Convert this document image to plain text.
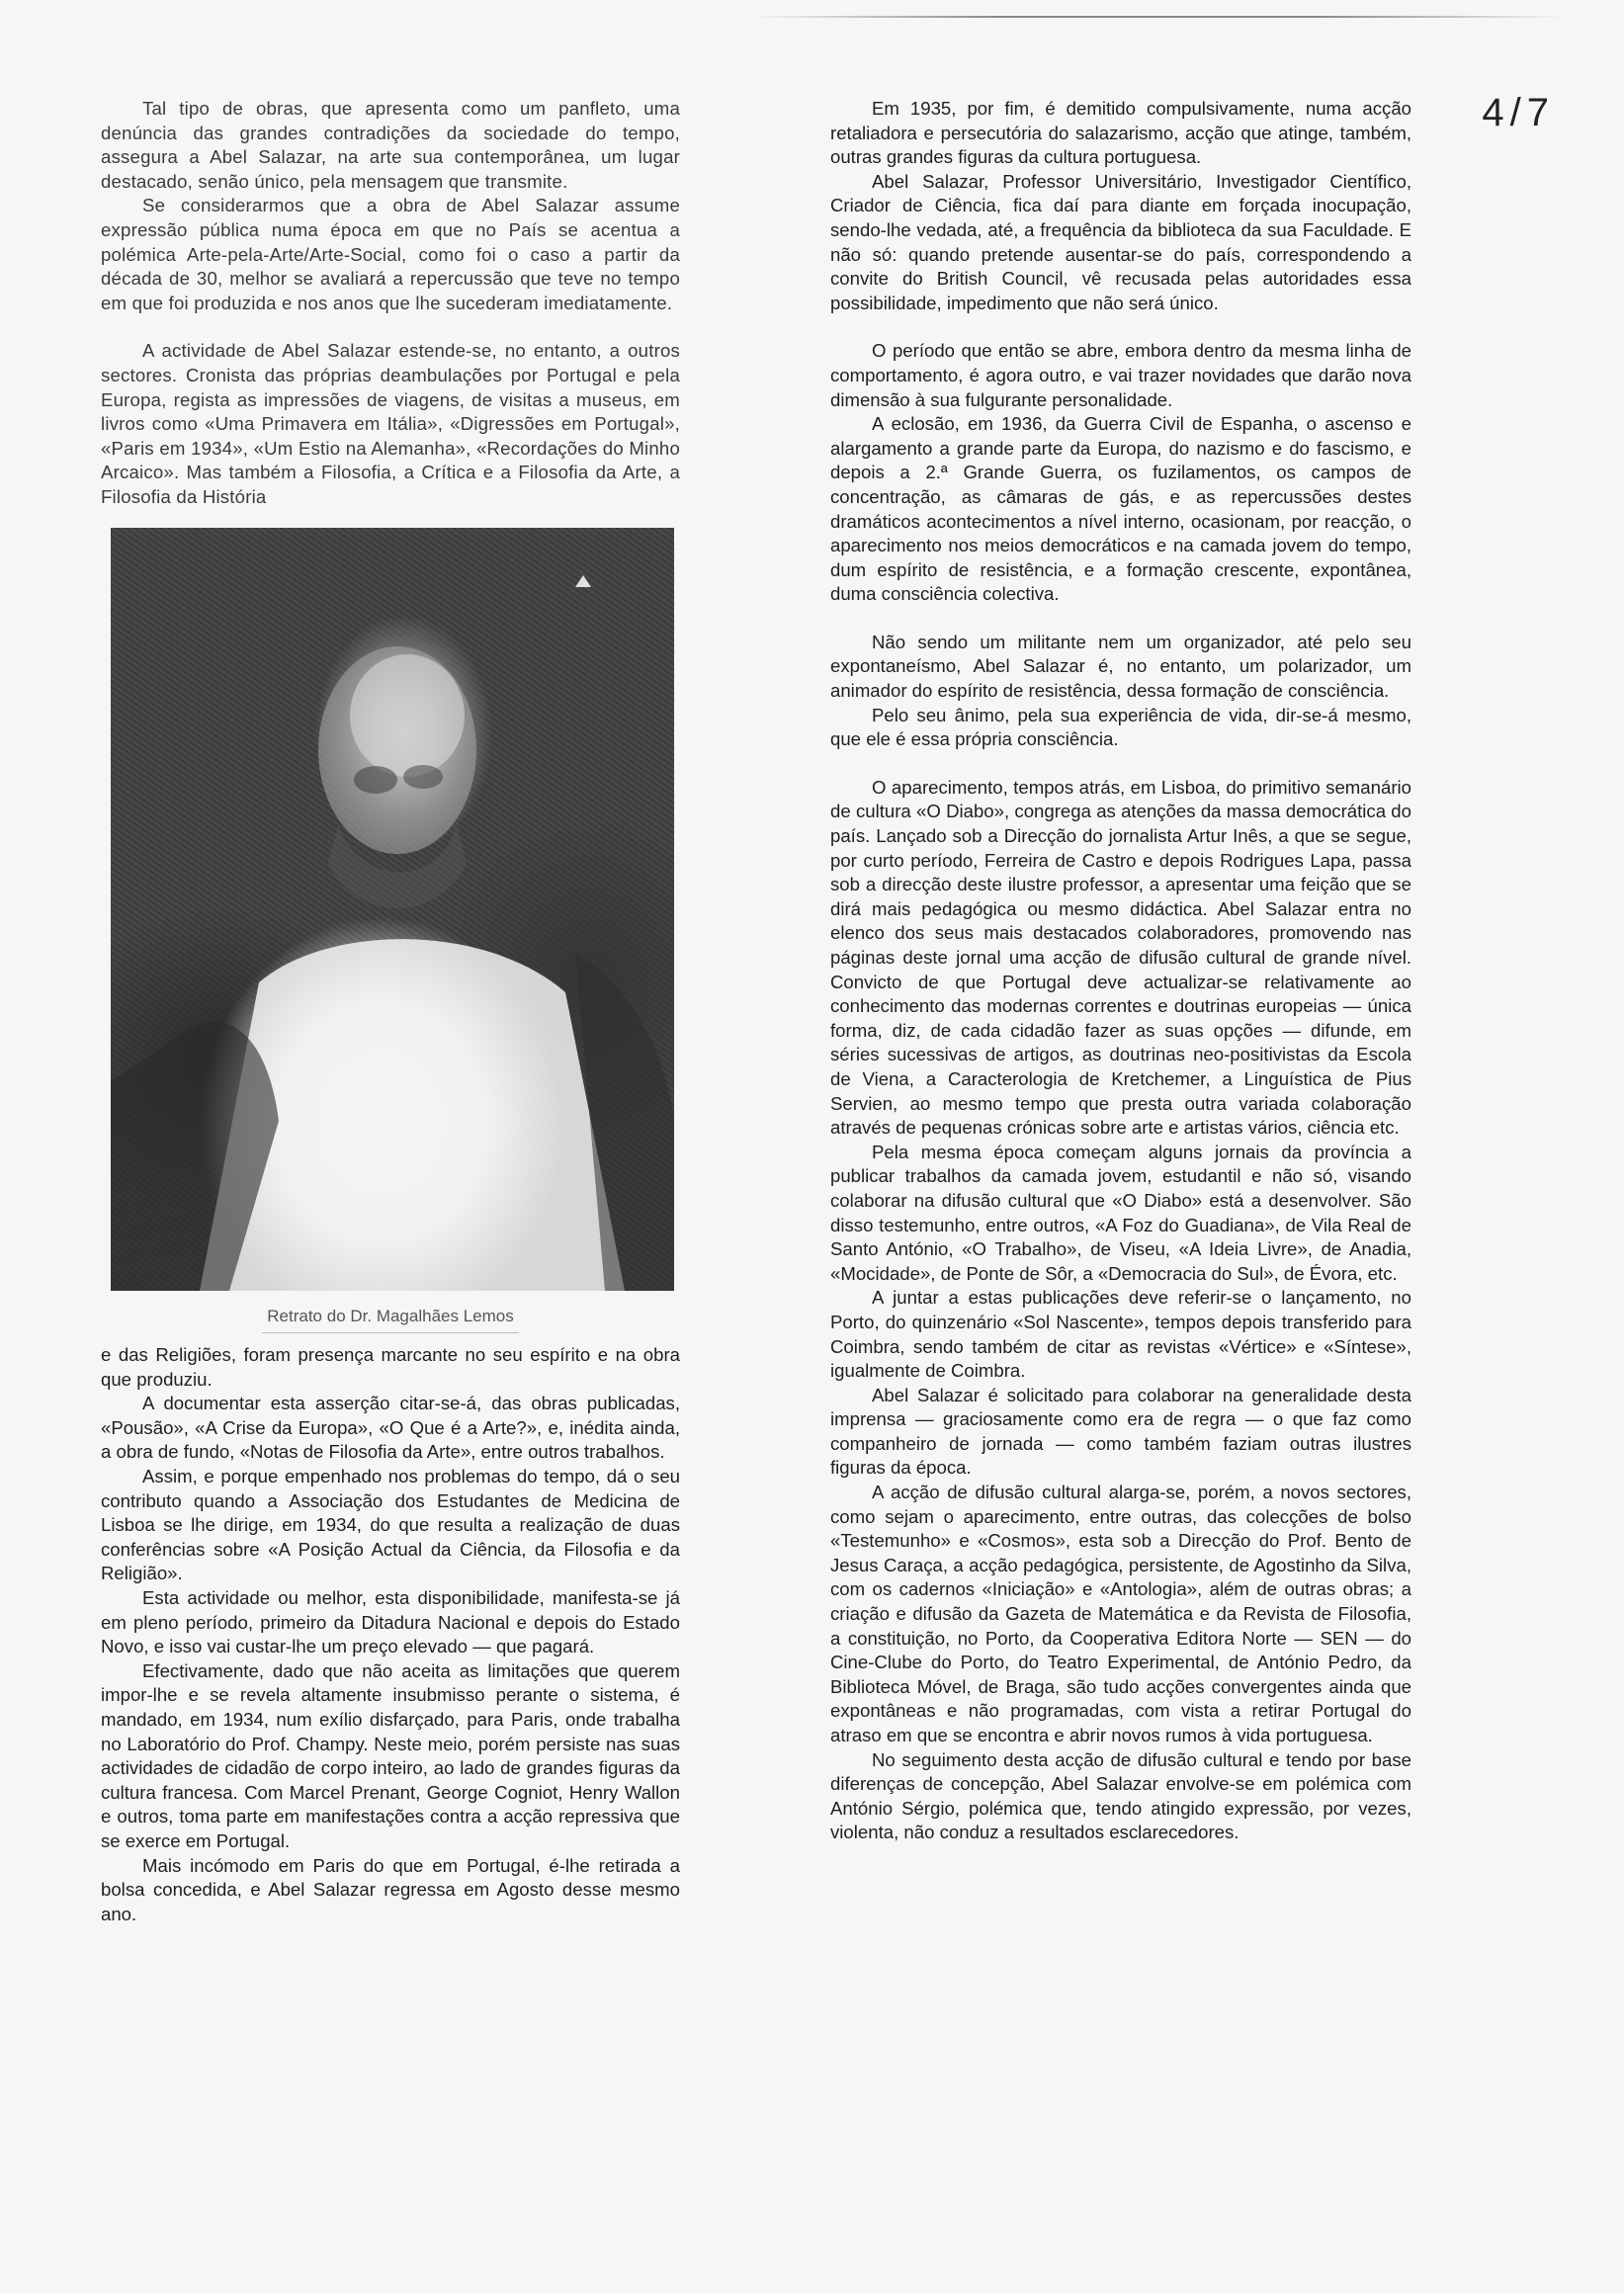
4/7

Tal tipo de obras, que apresenta como um panfleto, uma denúncia das grandes contradições da sociedade do tempo, assegura a Abel Salazar, na arte sua contemporânea, um lugar destacado, senão único, pela mensagem que transmite.

Se considerarmos que a obra de Abel Salazar assume expressão pública numa época em que no País se acentua a polémica Arte-pela-Arte/Arte-Social, como foi o caso a partir da década de 30, melhor se avaliará a repercussão que teve no tempo em que foi produzida e nos anos que lhe sucederam imediatamente.

A actividade de Abel Salazar estende-se, no entanto, a outros sectores. Cronista das próprias deambulações por Portugal e pela Europa, regista as impressões de viagens, de visitas a museus, em livros como «Uma Primavera em Itália», «Digressões em Portugal», «Paris em 1934», «Um Estio na Alemanha», «Recordações do Minho Arcaico». Mas também a Filosofia, a Crítica e a Filosofia da Arte, a Filosofia da História

Retrato do Dr. Magalhães Lemos

e das Religiões, foram presença marcante no seu espírito e na obra que produziu.

A documentar esta asserção citar-se-á, das obras publicadas, «Pousão», «A Crise da Europa», «O Que é a Arte?», e, inédita ainda, a obra de fundo, «Notas de Filosofia da Arte», entre outros trabalhos.

Assim, e porque empenhado nos problemas do tempo, dá o seu contributo quando a Associação dos Estudantes de Medicina de Lisboa se lhe dirige, em 1934, do que resulta a realização de duas conferências sobre «A Posição Actual da Ciência, da Filosofia e da Religião».

Esta actividade ou melhor, esta disponibilidade, manifesta-se já em pleno período, primeiro da Ditadura Nacional e depois do Estado Novo, e isso vai custar-lhe um preço elevado — que pagará.

Efectivamente, dado que não aceita as limitações que querem impor-lhe e se revela altamente insubmisso perante o sistema, é mandado, em 1934, num exílio disfarçado, para Paris, onde trabalha no Laboratório do Prof. Champy. Neste meio, porém persiste nas suas actividades de cidadão de corpo inteiro, ao lado de grandes figuras da cultura francesa. Com Marcel Prenant, George Cogniot, Henry Wallon e outros, toma parte em manifestações contra a acção repressiva que se exerce em Portugal.

Mais incómodo em Paris do que em Portugal, é-lhe retirada a bolsa concedida, e Abel Salazar regressa em Agosto desse mesmo ano.

Em 1935, por fim, é demitido compulsivamente, numa acção retaliadora e persecutória do salazarismo, acção que atinge, também, outras grandes figuras da cultura portuguesa.

Abel Salazar, Professor Universitário, Investigador Científico, Criador de Ciência, fica daí para diante em forçada inocupação, sendo-lhe vedada, até, a frequência da biblioteca da sua Faculdade. E não só: quando pretende ausentar-se do país, correspondendo a convite do British Council, vê recusada pelas autoridades essa possibilidade, impedimento que não será único.

O período que então se abre, embora dentro da mesma linha de comportamento, é agora outro, e vai trazer novidades que darão nova dimensão à sua fulgurante personalidade.

A eclosão, em 1936, da Guerra Civil de Espanha, o ascenso e alargamento a grande parte da Europa, do nazismo e do fascismo, e depois a 2.ª Grande Guerra, os fuzilamentos, os campos de concentração, as câmaras de gás, e as repercussões destes dramáticos acontecimentos a nível interno, ocasionam, por reacção, o aparecimento nos meios democráticos e na camada jovem do tempo, dum espírito de resistência, e a formação crescente, expontânea, duma consciência colectiva.

Não sendo um militante nem um organizador, até pelo seu expontaneísmo, Abel Salazar é, no entanto, um polarizador, um animador do espírito de resistência, dessa formação de consciência.

Pelo seu ânimo, pela sua experiência de vida, dir-se-á mesmo, que ele é essa própria consciência.

O aparecimento, tempos atrás, em Lisboa, do primitivo semanário de cultura «O Diabo», congrega as atenções da massa democrática do país. Lançado sob a Direcção do jornalista Artur Inês, a que se segue, por curto período, Ferreira de Castro e depois Rodrigues Lapa, passa sob a direcção deste ilustre professor, a apresentar uma feição que se dirá mais pedagógica ou mesmo didáctica. Abel Salazar entra no elenco dos seus mais destacados colaboradores, promovendo nas páginas deste jornal uma acção de difusão cultural de grande nível. Convicto de que Portugal deve actualizar-se relativamente ao conhecimento das modernas correntes e doutrinas europeias — única forma, diz, de cada cidadão fazer as suas opções — difunde, em séries sucessivas de artigos, as doutrinas neo-positivistas da Escola de Viena, a Caracterologia de Kretchemer, a Linguística de Pius Servien, ao mesmo tempo que presta outra variada colaboração através de pequenas crónicas sobre arte e artistas vários, ciência etc.

Pela mesma época começam alguns jornais da província a publicar trabalhos da camada jovem, estudantil e não só, visando colaborar na difusão cultural que «O Diabo» está a desenvolver. São disso testemunho, entre outros, «A Foz do Guadiana», de Vila Real de Santo António, «O Trabalho», de Viseu, «A Ideia Livre», de Anadia, «Mocidade», de Ponte de Sôr, a «Democracia do Sul», de Évora, etc.

A juntar a estas publicações deve referir-se o lançamento, no Porto, do quinzenário «Sol Nascente», tempos depois transferido para Coimbra, sendo também de citar as revistas «Vértice» e «Síntese», igualmente de Coimbra.

Abel Salazar é solicitado para colaborar na generalidade desta imprensa — graciosamente como era de regra — o que faz como companheiro de jornada — como também faziam outras ilustres figuras da época.

A acção de difusão cultural alarga-se, porém, a novos sectores, como sejam o aparecimento, entre outras, das colecções de bolso «Testemunho» e «Cosmos», esta sob a Direcção do Prof. Bento de Jesus Caraça, a acção pedagógica, persistente, de Agostinho da Silva, com os cadernos «Iniciação» e «Antologia», além de outras obras; a criação e difusão da Gazeta de Matemática e da Revista de Filosofia, a constituição, no Porto, da Cooperativa Editora Norte — SEN — do Cine-Clube do Porto, do Teatro Experimental, de António Pedro, da Biblioteca Móvel, de Braga, são tudo acções convergentes ainda que expontâneas e não programadas, com vista a retirar Portugal do atraso em que se encontra e abrir novos rumos à vida portuguesa.

No seguimento desta acção de difusão cultural e tendo por base diferenças de concepção, Abel Salazar envolve-se em polémica com António Sérgio, polémica que, tendo atingido expressão, por vezes, violenta, não conduz a resultados esclarecedores.
